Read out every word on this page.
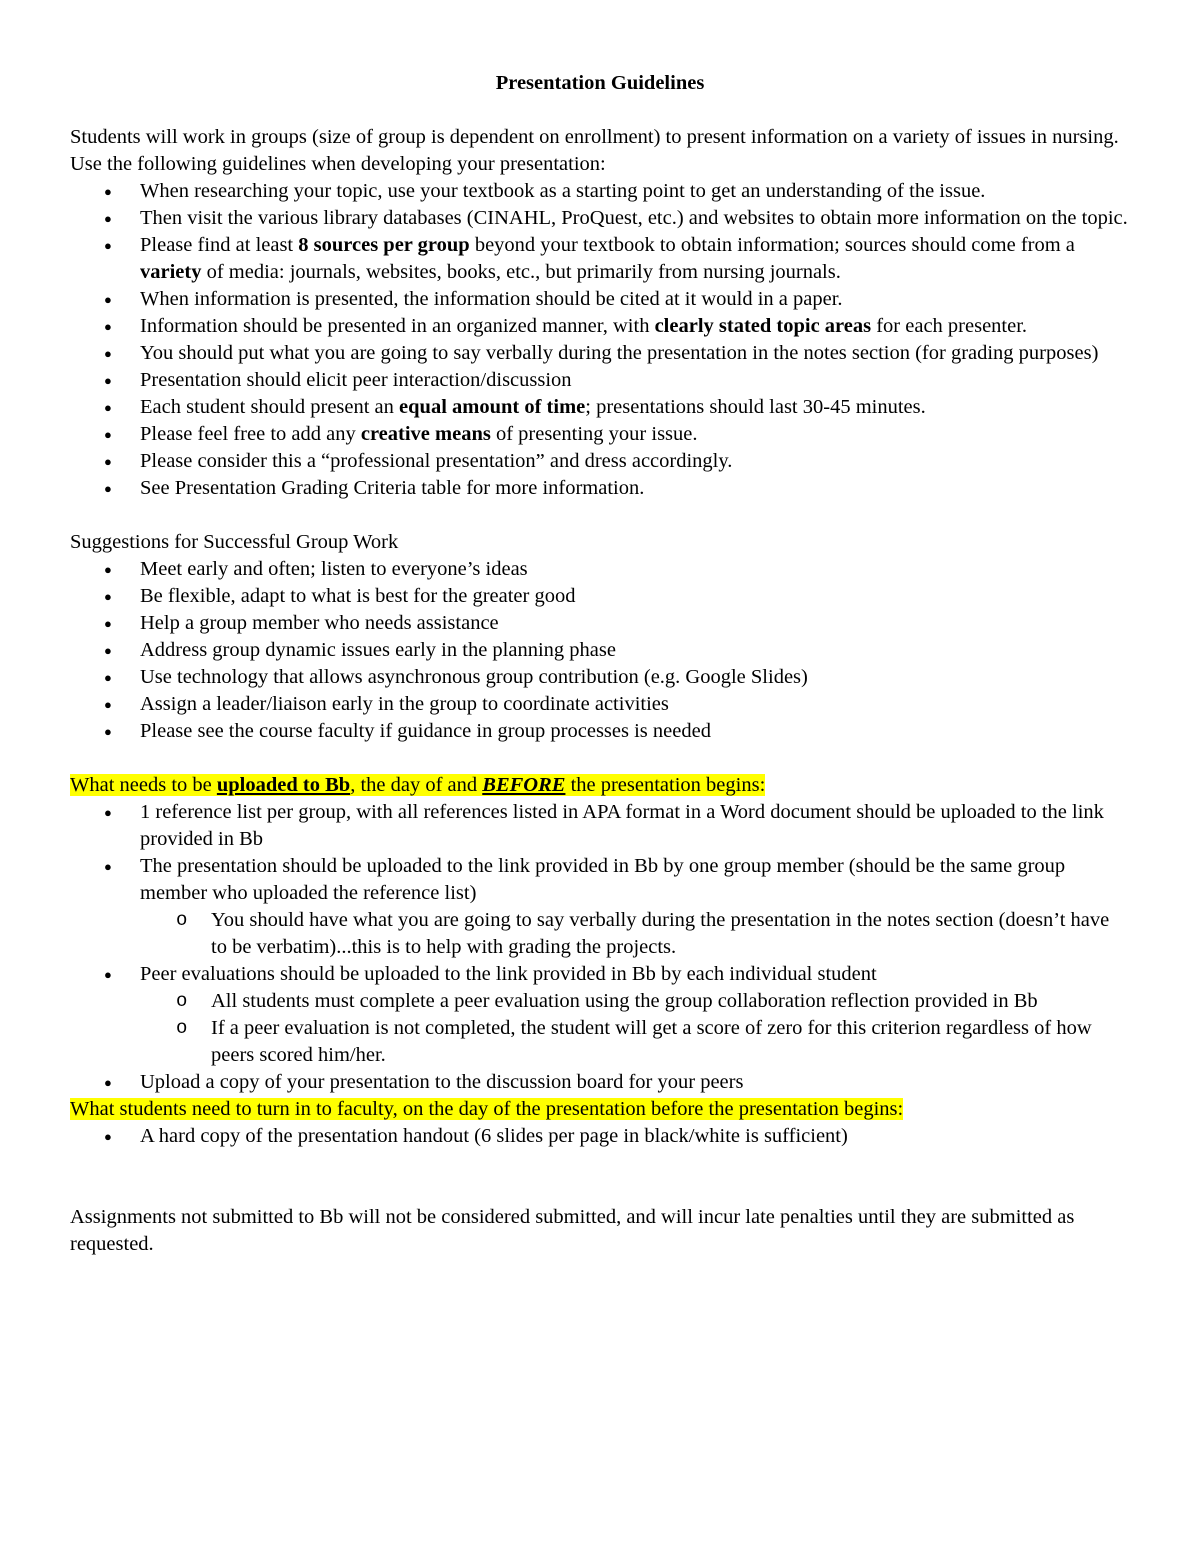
Presentation Guidelines

Students will work in groups (size of group is dependent on enrollment) to present information on a variety of issues in nursing. Use the following guidelines when developing your presentation:

● When researching your topic, use your textbook as a starting point to get an understanding of the issue.
● Then visit the various library databases (CINAHL, ProQuest, etc.) and websites to obtain more information on the topic.
● Please find at least 8 sources per group beyond your textbook to obtain information; sources should come from a variety of media: journals, websites, books, etc., but primarily from nursing journals.
● When information is presented, the information should be cited at it would in a paper.
● Information should be presented in an organized manner, with clearly stated topic areas for each presenter.
● You should put what you are going to say verbally during the presentation in the notes section (for grading purposes)
● Presentation should elicit peer interaction/discussion
● Each student should present an equal amount of time; presentations should last 30-45 minutes.
● Please feel free to add any creative means of presenting your issue.
● Please consider this a “professional presentation” and dress accordingly.
● See Presentation Grading Criteria table for more information.

Suggestions for Successful Group Work

● Meet early and often; listen to everyone’s ideas
● Be flexible, adapt to what is best for the greater good
● Help a group member who needs assistance
● Address group dynamic issues early in the planning phase
● Use technology that allows asynchronous group contribution (e.g. Google Slides)
● Assign a leader/liaison early in the group to coordinate activities
● Please see the course faculty if guidance in group processes is needed

What needs to be uploaded to Bb, the day of and BEFORE the presentation begins:

● 1 reference list per group, with all references listed in APA format in a Word document should be uploaded to the link provided in Bb
● The presentation should be uploaded to the link provided in Bb by one group member (should be the same group member who uploaded the reference list)
o You should have what you are going to say verbally during the presentation in the notes section (doesn’t have to be verbatim)...this is to help with grading the projects.
● Peer evaluations should be uploaded to the link provided in Bb by each individual student
o All students must complete a peer evaluation using the group collaboration reflection provided in Bb
o If a peer evaluation is not completed, the student will get a score of zero for this criterion regardless of how peers scored him/her.
● Upload a copy of your presentation to the discussion board for your peers

What students need to turn in to faculty, on the day of the presentation before the presentation begins:

● A hard copy of the presentation handout (6 slides per page in black/white is sufficient)

Assignments not submitted to Bb will not be considered submitted, and will incur late penalties until they are submitted as requested.
